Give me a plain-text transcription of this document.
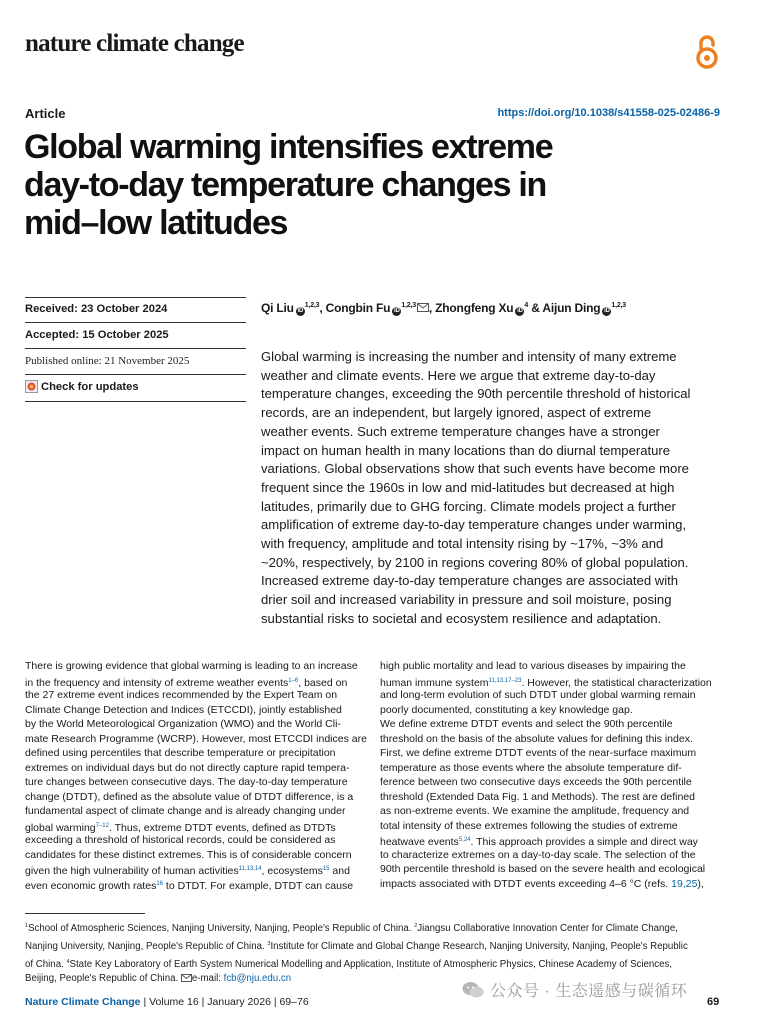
nature climate change
Article	https://doi.org/10.1038/s41558-025-02486-9
Global warming intensifies extreme
day-to-day temperature changes in
mid–low latitudes
Received: 23 October 2024
Accepted: 15 October 2025
Published online: 21 November 2025
Check for updates
Qi Liu iD$^{1,2,3}$, Congbin Fu iD$^{1,2,3}$ , Zhongfeng Xu $iD^4$ & Aijun Ding iD$^{1,2,3}$
Global warming is increasing the number and intensity of many extreme
weather and climate events. Here we argue that extreme day-to-day
temperature changes, exceeding the 90th percentile threshold of historical
records, are an independent, but largely ignored, aspect of extreme
weather events. Such extreme temperature changes have a stronger
impact on human health in many locations than do diurnal temperature
variations. Global observations show that such events have become more
frequent since the 1960s in low and mid-latitudes but decreased at high
latitudes, primarily due to GHG forcing. Climate models project a further
amplification of extreme day-to-day temperature changes under warming,
with frequency, amplitude and total intensity rising by ~17%, ~3% and
~20%, respectively, by 2100 in regions covering 80% of global population.
Increased extreme day-to-day temperature changes are associated with
drier soil and increased variability in pressure and soil moisture, posing
substantial risks to societal and ecosystem resilience and adaptation.
There is growing evidence that global warming is leading to an increase
in the frequency and intensity of extreme weather events$^{1-6}$, based on
the 27 extreme event indices recommended by the Expert Team on
Climate Change Detection and Indices (ETCCDI), jointly established
by the World Meteorological Organization (WMO) and the World Cli-
mate Research Programme (WCRP). However, most ETCCDI indices are
defined using percentiles that describe temperature or precipitation
extremes on individual days but do not directly capture rapid tempera-
ture changes between consecutive days. The day-to-day temperature
change (DTDT), defined as the absolute value of DTDT difference, is a
fundamental aspect of climate change and is already changing under
global warming$^{7-12}$. Thus, extreme DTDT events, defined as DTDTs
exceeding a threshold of historical records, could be considered as
candidates for these distinct extremes. This is of considerable concern
given the high vulnerability of human activities$^{11,13,14}$, ecosystems$^{15}$ and
even economic growth rates$^{16}$ to DTDT. For example, DTDT can cause
high public mortality and lead to various diseases by impairing the
human immune system$^{11,13,17-23}$. However, the statistical characterization
and long-term evolution of such DTDT under global warming remain
poorly documented, constituting a key knowledge gap.
We define extreme DTDT events and select the 90th percentile
threshold on the basis of the absolute values for defining this index.
First, we define extreme DTDT events of the near-surface maximum
temperature as those events where the absolute temperature dif-
ference between two consecutive days exceeds the 90th percentile
threshold (Extended Data Fig. 1 and Methods). The rest are defined
as non-extreme events. We examine the amplitude, frequency and
total intensity of these extremes following the studies of extreme
heatwave events$^{5,24}$. This approach provides a simple and direct way
to characterize extremes on a day-to-day scale. The selection of the
90th percentile threshold is based on the severe health and ecological
impacts associated with DTDT events exceeding 4–6 °C (refs. 19,25),
$^1$School of Atmospheric Sciences, Nanjing University, Nanjing, People's Republic of China. $^2$Jiangsu Collaborative Innovation Center for Climate Change,
Nanjing University, Nanjing, People's Republic of China. $^3$Institute for Climate and Global Change Research, Nanjing University, Nanjing, People's Republic
of China. $^4$State Key Laboratory of Earth System Numerical Modelling and Application, Institute of Atmospheric Physics, Chinese Academy of Sciences,
Beijing, People's Republic of China. e-mail: fcb@nju.edu.cn
公众号 · 生态遥感与碳循环
Nature Climate Change | Volume 16 | January 2026 | 69–76	69
